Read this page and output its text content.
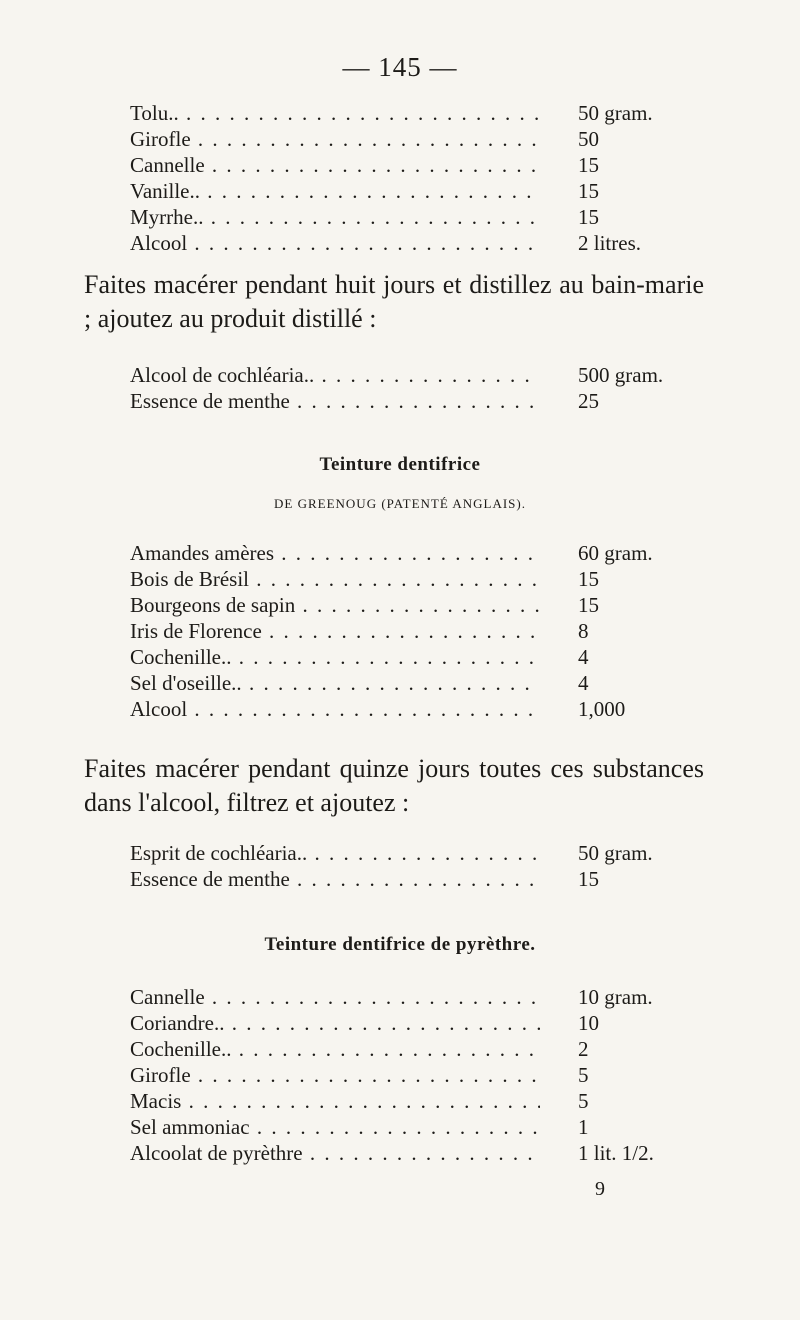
— 145 —
Tolu.. . . .	50 gram.
Girofle . . .	50
Cannelle . . .	15
Vanille.. . . .	15
Myrrhe.. . . .	15
Alcool . . .	2 litres.
Faites macérer pendant huit jours et distillez au bain-marie ; ajoutez au produit distillé :
Alcool de cochléaria.. . . .	500 gram.
Essence de menthe . . .	25
Teinture dentifrice
DE GREENOUG (PATENTÉ ANGLAIS).
Amandes amères . . .	60 gram.
Bois de Brésil . . .	15
Bourgeons de sapin . . .	15
Iris de Florence . . .	8
Cochenille.. . . .	4
Sel d'oseille.. . . .	4
Alcool . . .	1,000
Faites macérer pendant quinze jours toutes ces substances dans l'alcool, filtrez et ajoutez :
Esprit de cochléaria.. . . .	50 gram.
Essence de menthe . . .	15
Teinture dentifrice de pyrèthre.
Cannelle . . .	10 gram.
Coriandre.. . . .	10
Cochenille.. . . .	2
Girofle . . .	5
Macis . . .	5
Sel ammoniac . . .	1
Alcoolat de pyrèthre . . .	1 lit. 1/2.
9
